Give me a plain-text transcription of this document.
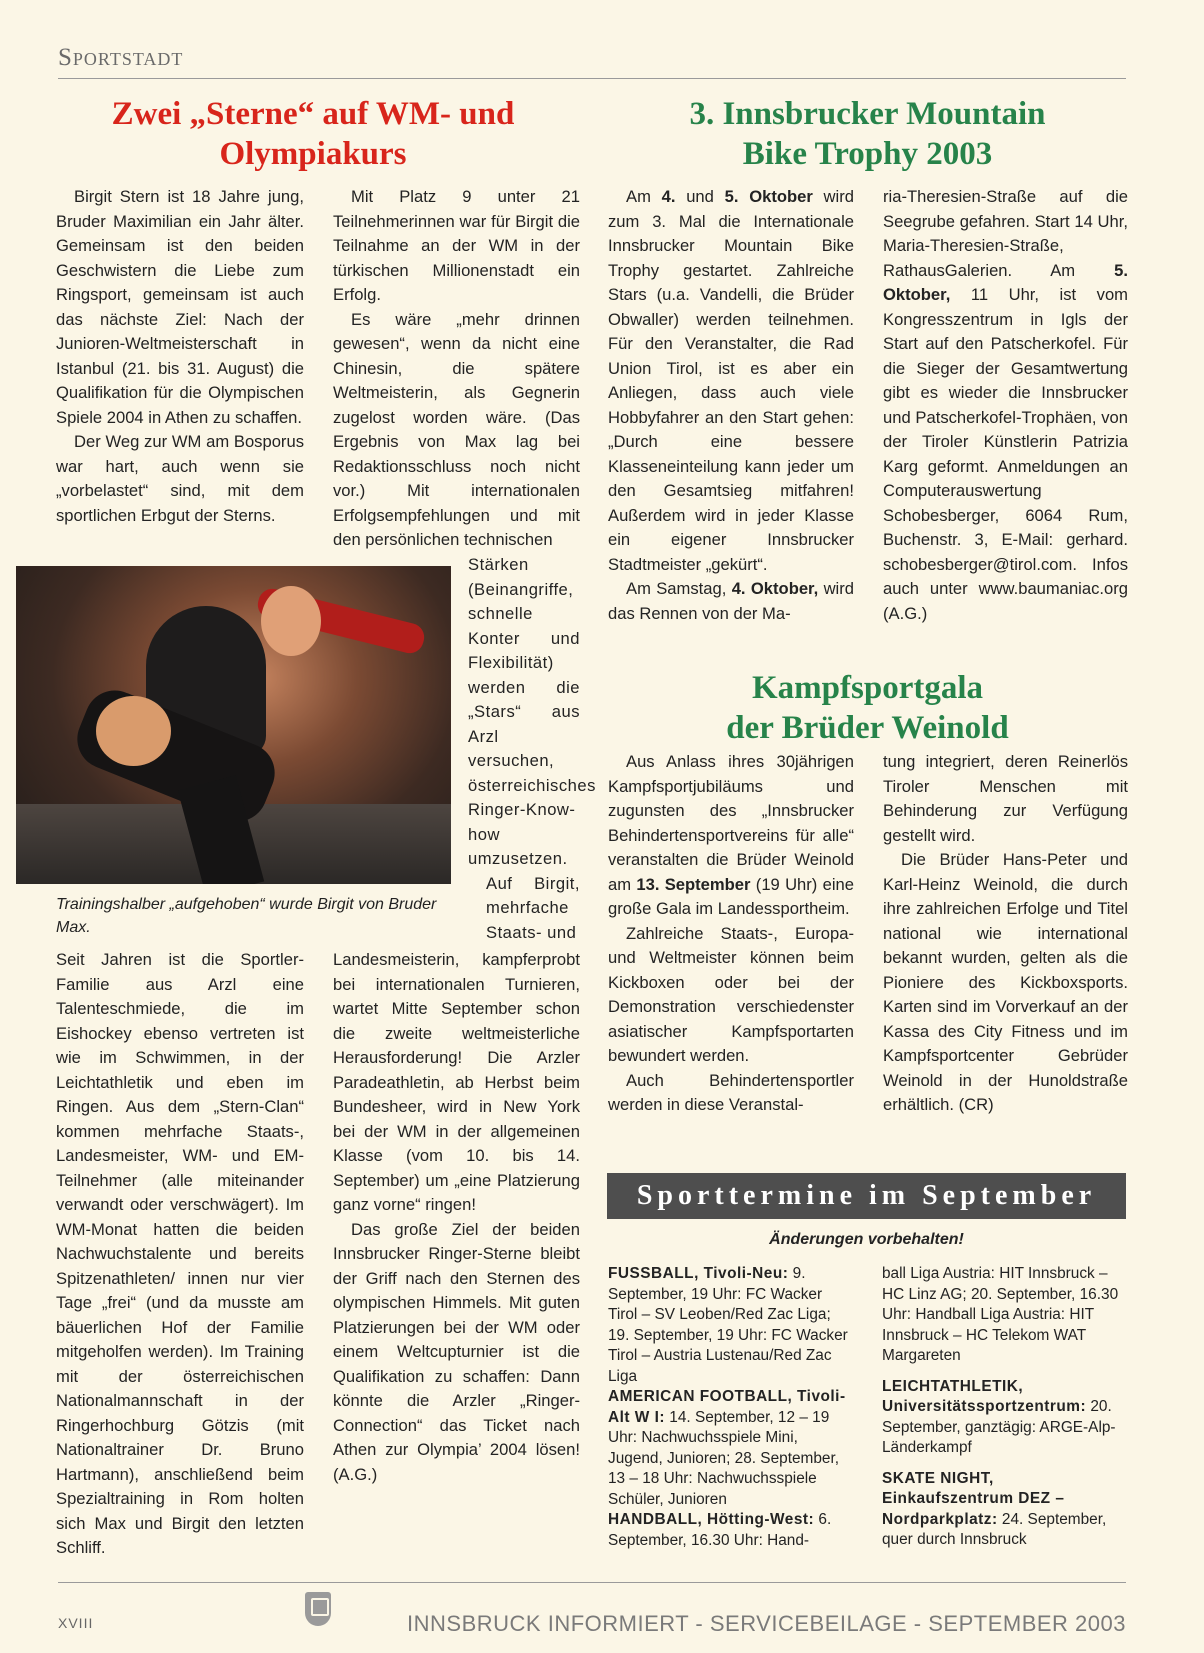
Sportstadt
Zwei „Sterne“ auf WM- und
Olympiakurs
3. Innsbrucker Mountain
Bike Trophy 2003

Birgit Stern ist 18 Jahre jung, Bruder Maximilian ein Jahr älter. Gemeinsam ist den beiden Geschwistern die Liebe zum Ringsport, gemeinsam ist auch das nächste Ziel: Nach der Junioren-Weltmeisterschaft in Istanbul (21. bis 31. August) die Qualifikation für die Olympischen Spiele 2004 in Athen zu schaffen.

Der Weg zur WM am Bosporus war hart, auch wenn sie „vorbelastet“ sind, mit dem sportlichen Erbgut der Sterns.

Mit Platz 9 unter 21 Teilnehmerinnen war für Birgit die Teilnahme an der WM in der türkischen Millionenstadt ein Erfolg.

Es wäre „mehr drinnen gewesen“, wenn da nicht eine Chinesin, die spätere Weltmeisterin, als Gegnerin zugelost worden wäre. (Das Ergebnis von Max lag bei Redaktionsschluss noch nicht vor.) Mit internationalen Erfolgsempfehlungen und mit den persönlichen technischen

Stärken (Beinangriffe, schnelle Konter und Flexibilität) werden die „Stars“ aus Arzl versuchen, österreichisches Ringer-Know-how umzusetzen.

Auf Birgit, mehrfache Staats- und

Trainingshalber „aufgehoben“ wurde Birgit von Bruder Max.

Seit Jahren ist die Sportler-Familie aus Arzl eine Talenteschmiede, die im Eishockey ebenso vertreten ist wie im Schwimmen, in der Leichtathletik und eben im Ringen. Aus dem „Stern-Clan“ kommen mehrfache Staats-, Landesmeister, WM- und EM-Teilnehmer (alle miteinander verwandt oder verschwägert). Im WM-Monat hatten die beiden Nachwuchstalente und bereits Spitzenathleten/ innen nur vier Tage „frei“ (und da musste am bäuerlichen Hof der Familie mitgeholfen werden). Im Training mit der österreichischen Nationalmannschaft in der Ringerhochburg Götzis (mit Nationaltrainer Dr. Bruno Hartmann), anschließend beim Spezialtraining in Rom holten sich Max und Birgit den letzten Schliff.

Landesmeisterin, kampferprobt bei internationalen Turnieren, wartet Mitte September schon die zweite weltmeisterliche Herausforderung! Die Arzler Paradeathletin, ab Herbst beim Bundesheer, wird in New York bei der WM in der allgemeinen Klasse (vom 10. bis 14. September) um „eine Platzierung ganz vorne“ ringen!

Das große Ziel der beiden Innsbrucker Ringer-Sterne bleibt der Griff nach den Sternen des olympischen Himmels. Mit guten Platzierungen bei der WM oder einem Weltcupturnier ist die Qualifikation zu schaffen: Dann könnte die Arzler „Ringer-Connection“ das Ticket nach Athen zur Olympia’ 2004 lösen! (A.G.)

Am 4. und 5. Oktober wird zum 3. Mal die Internationale Innsbrucker Mountain Bike Trophy gestartet. Zahlreiche Stars (u.a. Vandelli, die Brüder Obwaller) werden teilnehmen. Für den Veranstalter, die Rad Union Tirol, ist es aber ein Anliegen, dass auch viele Hobbyfahrer an den Start gehen: „Durch eine bessere Klasseneinteilung kann jeder um den Gesamtsieg mitfahren! Außerdem wird in jeder Klasse ein eigener Innsbrucker Stadtmeister „gekürt“.

Am Samstag, 4. Oktober, wird das Rennen von der Ma-

ria-Theresien-Straße auf die Seegrube gefahren. Start 14 Uhr, Maria-Theresien-Straße, RathausGalerien. Am 5. Oktober, 11 Uhr, ist vom Kongresszentrum in Igls der Start auf den Patscherkofel. Für die Sieger der Gesamtwertung gibt es wieder die Innsbrucker und Patscherkofel-Trophäen, von der Tiroler Künstlerin Patrizia Karg geformt. Anmeldungen an Computerauswertung Schobesberger, 6064 Rum, Buchenstr. 3, E-Mail: gerhard. schobesberger@tirol.com. Infos auch unter www.baumaniac.org (A.G.)

Kampfsportgala
der Brüder Weinold

Aus Anlass ihres 30jährigen Kampfsportjubiläums und zugunsten des „Innsbrucker Behindertensportvereins für alle“ veranstalten die Brüder Weinold am 13. September (19 Uhr) eine große Gala im Landessportheim.

Zahlreiche Staats-, Europa- und Weltmeister können beim Kickboxen oder bei der Demonstration verschiedenster asiatischer Kampfsportarten bewundert werden.

Auch Behindertensportler werden in diese Veranstal-

tung integriert, deren Reinerlös Tiroler Menschen mit Behinderung zur Verfügung gestellt wird.

Die Brüder Hans-Peter und Karl-Heinz Weinold, die durch ihre zahlreichen Erfolge und Titel national wie international bekannt wurden, gelten als die Pioniere des Kickboxsports. Karten sind im Vorverkauf an der Kassa des City Fitness und im Kampfsportcenter Gebrüder Weinold in der Hunoldstraße erhältlich. (CR)

Sporttermine im September
Änderungen vorbehalten!

FUSSBALL, Tivoli-Neu: 9. September, 19 Uhr: FC Wacker Tirol – SV Leoben/Red Zac Liga; 19. September, 19 Uhr: FC Wacker Tirol – Austria Lustenau/Red Zac Liga
AMERICAN FOOTBALL, Tivoli-Alt W I: 14. September, 12 – 19 Uhr: Nachwuchsspiele Mini, Jugend, Junioren; 28. September, 13 – 18 Uhr: Nachwuchsspiele Schüler, Junioren
HANDBALL, Hötting-West: 6. September, 16.30 Uhr: Hand-

ball Liga Austria: HIT Innsbruck – HC Linz AG; 20. September, 16.30 Uhr: Handball Liga Austria: HIT Innsbruck – HC Telekom WAT Margareten

LEICHTATHLETIK, Universitätssportzentrum: 20. September, ganztägig: ARGE-Alp-Länderkampf

SKATE NIGHT, Einkaufszentrum DEZ – Nordparkplatz: 24. September, quer durch Innsbruck

XVIII	INNSBRUCK INFORMIERT - SERVICEBEILAGE - SEPTEMBER 2003
